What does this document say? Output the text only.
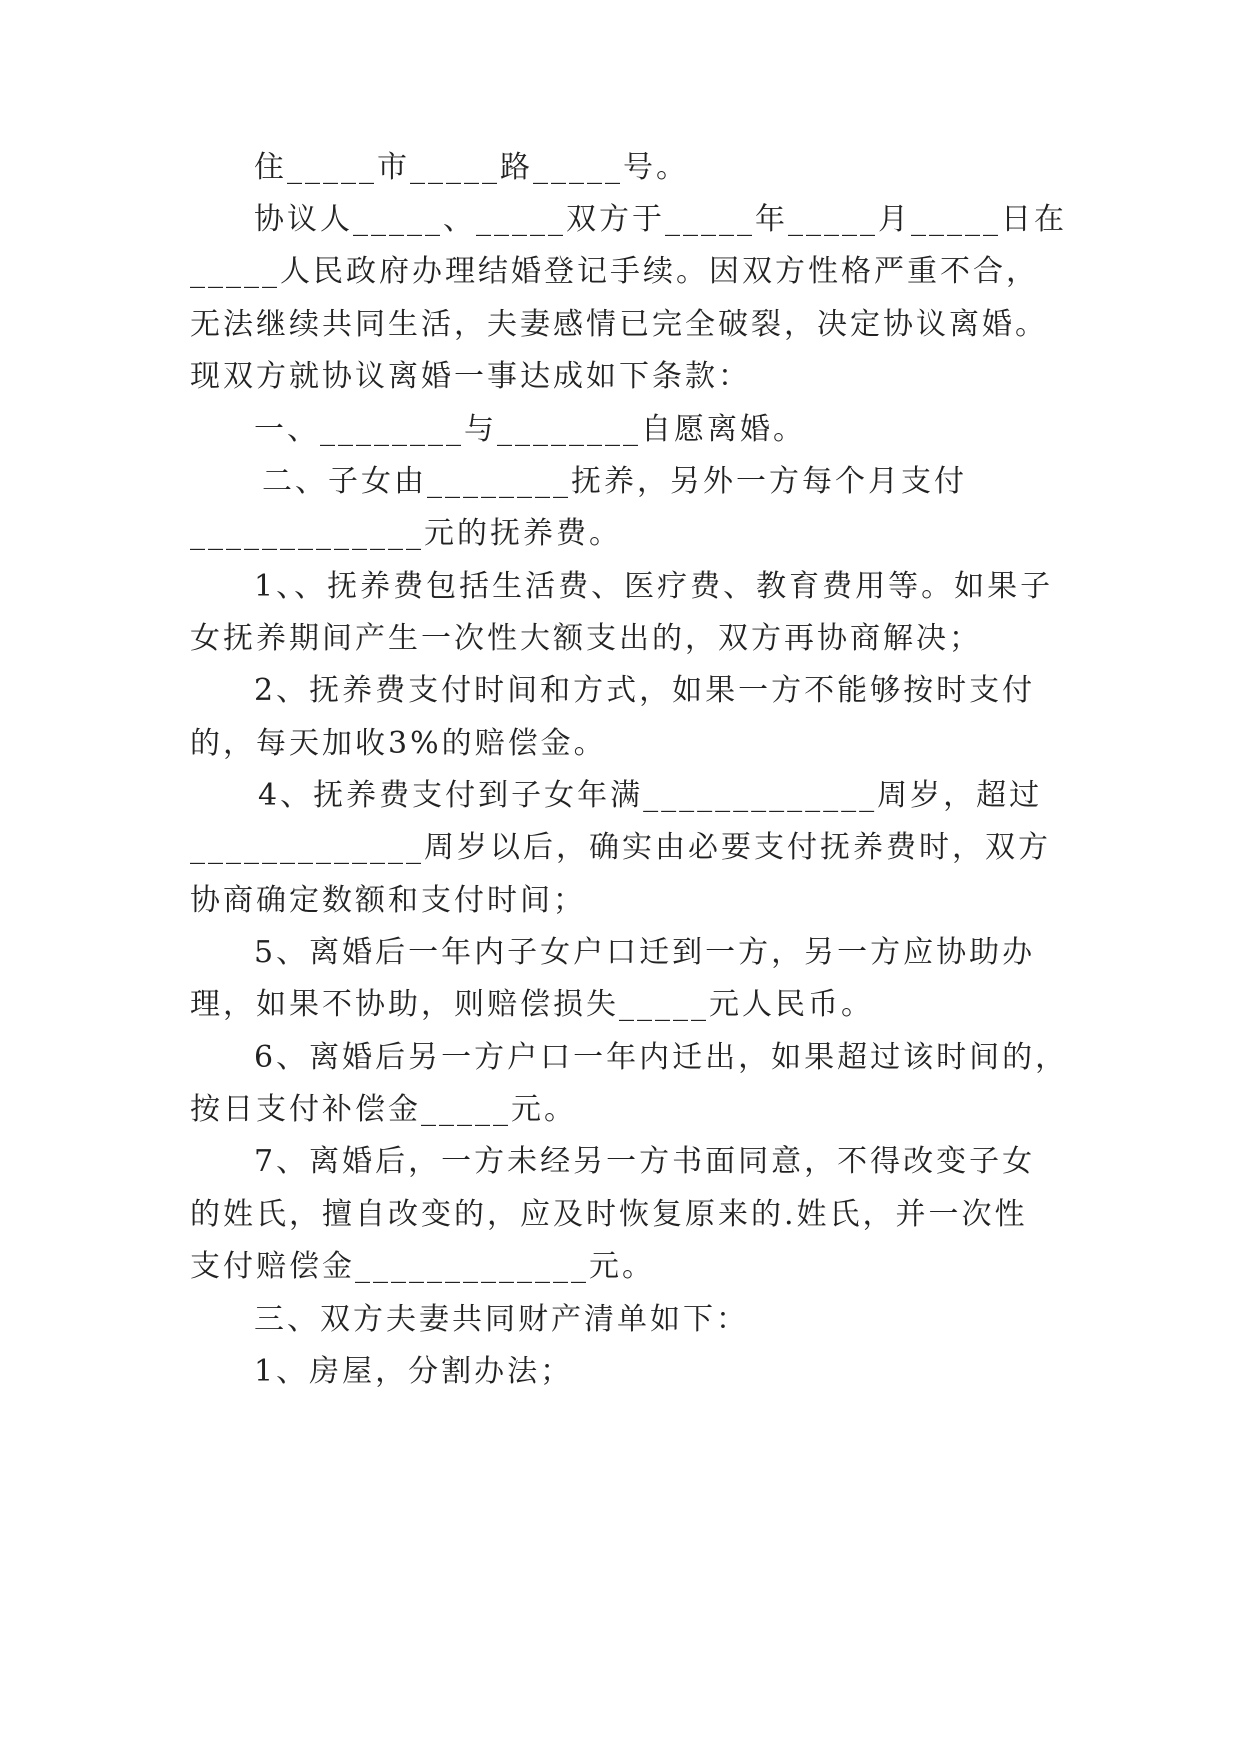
住_____市_____路_____号。
协议人_____、_____双方于_____年_____月_____日在
_____人民政府办理结婚登记手续。因双方性格严重不合，
无法继续共同生活，夫妻感情已完全破裂，决定协议离婚。
现双方就协议离婚一事达成如下条款：
一、________与________自愿离婚。
二、子女由________抚养，另外一方每个月支付
_____________元的抚养费。
1、、抚养费包括生活费、医疗费、教育费用等。如果子
女抚养期间产生一次性大额支出的，双方再协商解决；
2、抚养费支付时间和方式，如果一方不能够按时支付
的，每天加收3%的赔偿金。
4、抚养费支付到子女年满_____________周岁，超过
_____________周岁以后，确实由必要支付抚养费时，双方
协商确定数额和支付时间；
5、离婚后一年内子女户口迁到一方，另一方应协助办
理，如果不协助，则赔偿损失_____元人民币。
6、离婚后另一方户口一年内迁出，如果超过该时间的，
按日支付补偿金_____元。
7、离婚后，一方未经另一方书面同意，不得改变子女
的姓氏，擅自改变的，应及时恢复原来的.姓氏，并一次性
支付赔偿金_____________元。
三、双方夫妻共同财产清单如下：
1、房屋，分割办法；
